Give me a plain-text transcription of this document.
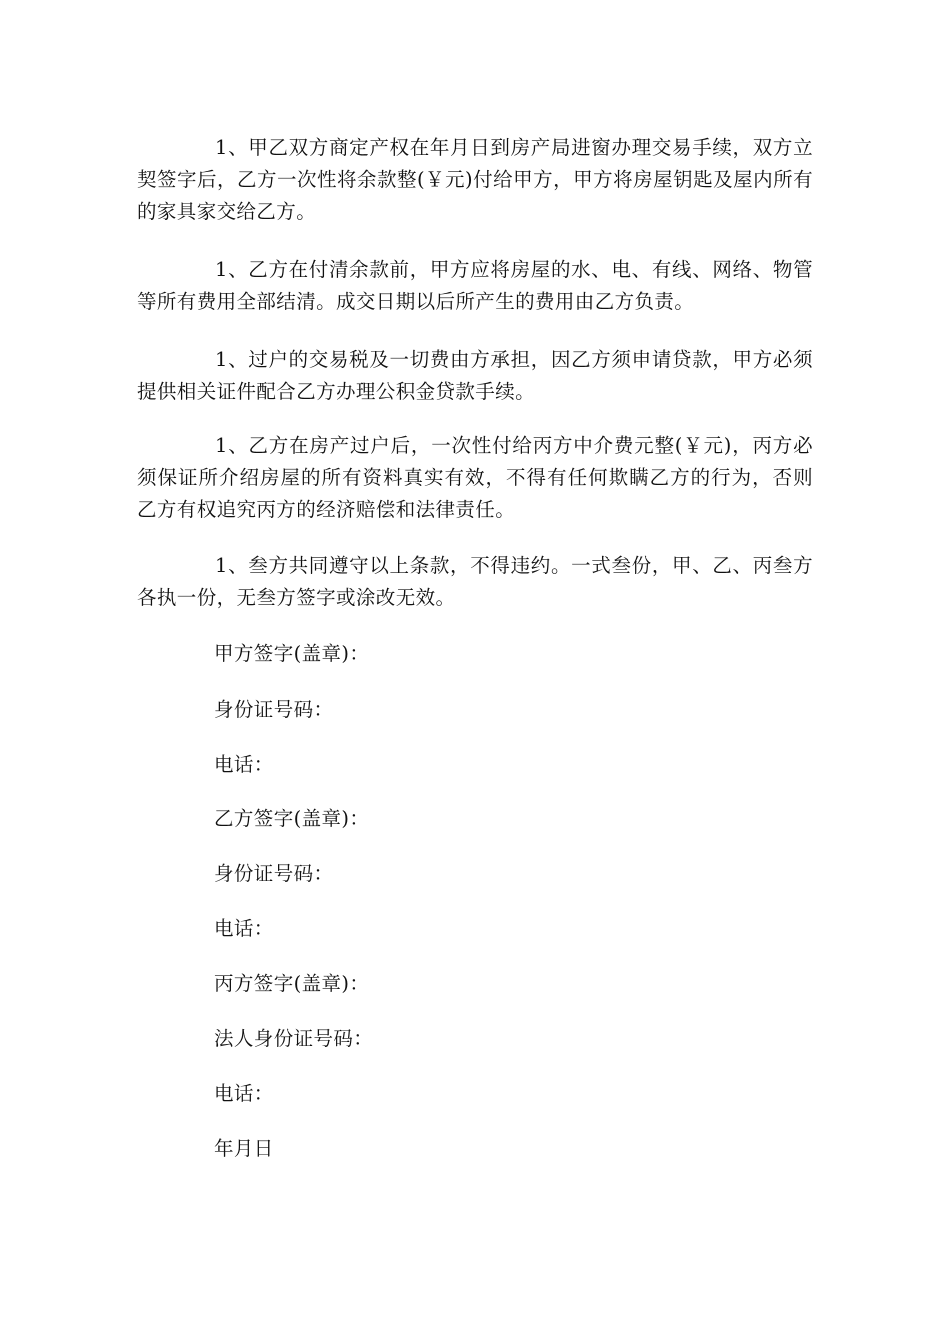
1、甲乙双方商定产权在年月日到房产局进窗办理交易手续，双方立契签字后，乙方一次性将余款整(￥元)付给甲方，甲方将房屋钥匙及屋内所有的家具家交给乙方。

1、乙方在付清余款前，甲方应将房屋的水、电、有线、网络、物管等所有费用全部结清。成交日期以后所产生的费用由乙方负责。

1、过户的交易税及一切费由方承担，因乙方须申请贷款，甲方必须提供相关证件配合乙方办理公积金贷款手续。

1、乙方在房产过户后，一次性付给丙方中介费元整(￥元)，丙方必须保证所介绍房屋的所有资料真实有效，不得有任何欺瞒乙方的行为，否则乙方有权追究丙方的经济赔偿和法律责任。

1、叁方共同遵守以上条款，不得违约。一式叁份，甲、乙、丙叁方各执一份，无叁方签字或涂改无效。

甲方签字(盖章)：

身份证号码：

电话：

乙方签字(盖章)：

身份证号码：

电话：

丙方签字(盖章)：

法人身份证号码：

电话：

年月日
